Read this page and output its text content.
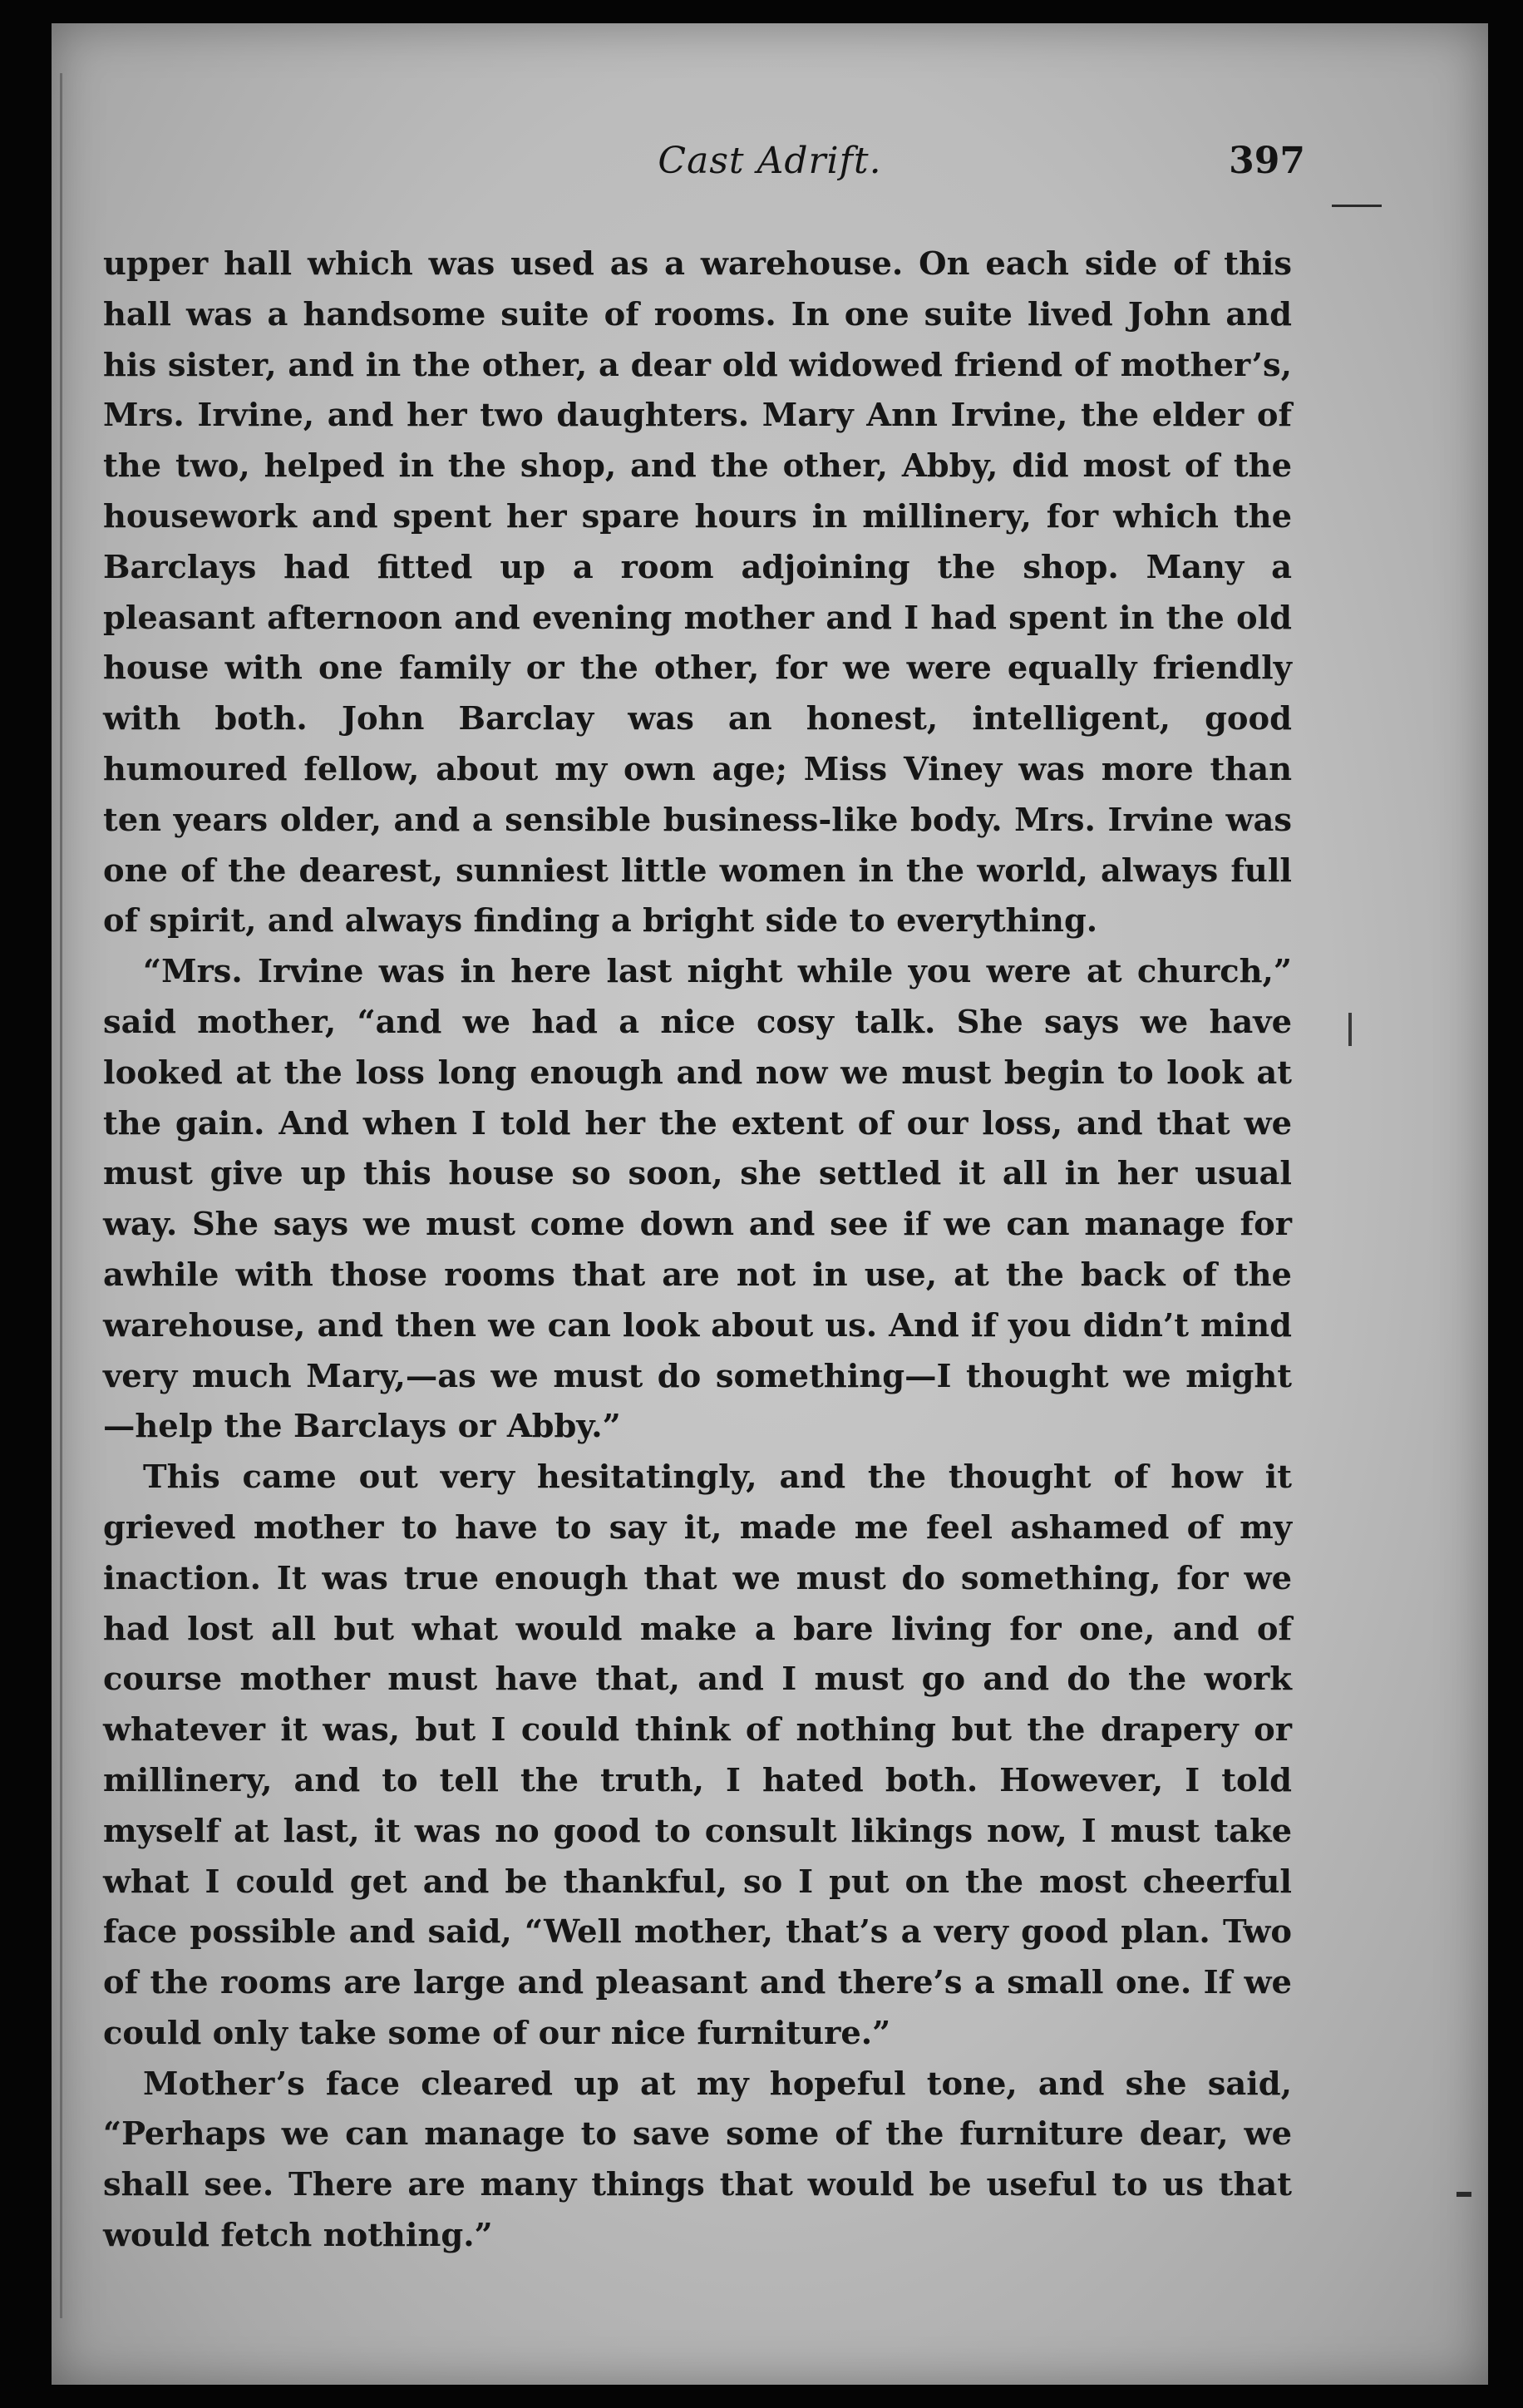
Cast Adrift.	397

upper hall which was used as a warehouse. On each side of this hall was a handsome suite of rooms. In one suite lived John and his sister, and in the other, a dear old widowed friend of mother’s, Mrs. Irvine, and her two daughters. Mary Ann Irvine, the elder of the two, helped in the shop, and the other, Abby, did most of the housework and spent her spare hours in millinery, for which the Barclays had fitted up a room adjoining the shop. Many a pleasant afternoon and evening mother and I had spent in the old house with one family or the other, for we were equally friendly with both. John Barclay was an honest, intelligent, good humoured fellow, about my own age; Miss Viney was more than ten years older, and a sensible business-like body. Mrs. Irvine was one of the dearest, sunniest little women in the world, always full of spirit, and always finding a bright side to everything.

“Mrs. Irvine was in here last night while you were at church,” said mother, “and we had a nice cosy talk. She says we have looked at the loss long enough and now we must begin to look at the gain. And when I told her the extent of our loss, and that we must give up this house so soon, she settled it all in her usual way. She says we must come down and see if we can manage for awhile with those rooms that are not in use, at the back of the warehouse, and then we can look about us. And if you didn’t mind very much Mary,—as we must do something—I thought we might—help the Barclays or Abby.”

This came out very hesitatingly, and the thought of how it grieved mother to have to say it, made me feel ashamed of my inaction. It was true enough that we must do something, for we had lost all but what would make a bare living for one, and of course mother must have that, and I must go and do the work whatever it was, but I could think of nothing but the drapery or millinery, and to tell the truth, I hated both. However, I told myself at last, it was no good to consult likings now, I must take what I could get and be thankful, so I put on the most cheerful face possible and said, “Well mother, that’s a very good plan. Two of the rooms are large and pleasant and there’s a small one. If we could only take some of our nice furniture.”

Mother’s face cleared up at my hopeful tone, and she said, “Perhaps we can manage to save some of the furniture dear, we shall see. There are many things that would be useful to us that would fetch nothing.”
